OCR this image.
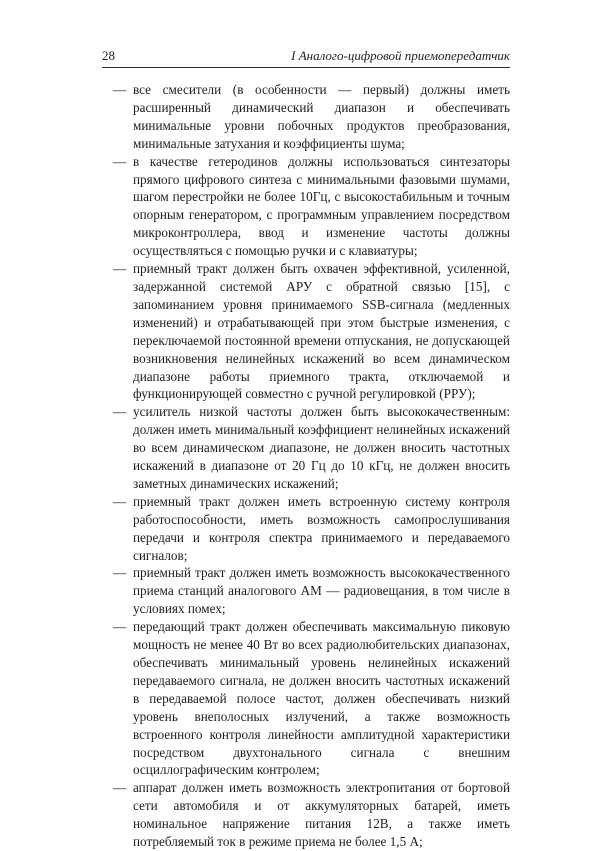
28	I Аналого-цифровой приемопередатчик

— все смесители (в особенности — первый) должны иметь расширенный динамический диапазон и обеспечивать минимальные уровни побочных продуктов преобразования, минимальные затухания и коэффициенты шума;

— в качестве гетеродинов должны использоваться синтезаторы прямого цифрового синтеза с минимальными фазовыми шумами, шагом перестройки не более 10Гц, с высокостабильным и точным опорным генератором, с программным управлением посредством микроконтроллера, ввод и изменение частоты должны осуществляться с помощью ручки и с клавиатуры;

— приемный тракт должен быть охвачен эффективной, усиленной, задержанной системой АРУ с обратной связью [15], с запоминанием уровня принимаемого SSB-сигнала (медленных изменений) и отрабатывающей при этом быстрые изменения, с переключаемой постоянной времени отпускания, не допускающей возникновения нелинейных искажений во всем динамическом диапазоне работы приемного тракта, отключаемой и функционирующей совместно с ручной регулировкой (РРУ);

— усилитель низкой частоты должен быть высококачественным: должен иметь минимальный коэффициент нелинейных искажений во всем динамическом диапазоне, не должен вносить частотных искажений в диапазоне от 20 Гц до 10 кГц, не должен вносить заметных динамических искажений;

— приемный тракт должен иметь встроенную систему контроля работоспособности, иметь возможность самопрослушивания передачи и контроля спектра принимаемого и передаваемого сигналов;

— приемный тракт должен иметь возможность высококачественного приема станций аналогового АМ — радиовещания, в том числе в условиях помех;

— передающий тракт должен обеспечивать максимальную пиковую мощность не менее 40 Вт во всех радиолюбительских диапазонах, обеспечивать минимальный уровень нелинейных искажений передаваемого сигнала, не должен вносить частотных искажений в передаваемой полосе частот, должен обеспечивать низкий уровень внеполосных излучений, а также возможность встроенного контроля линейности амплитудной характеристики посредством двухтонального сигнала с внешним осциллографическим контролем;

— аппарат должен иметь возможность электропитания от бортовой сети автомобиля и от аккумуляторных батарей, иметь номинальное напряжение питания 12В, а также иметь потребляемый ток в режиме приема не более 1,5 А;
